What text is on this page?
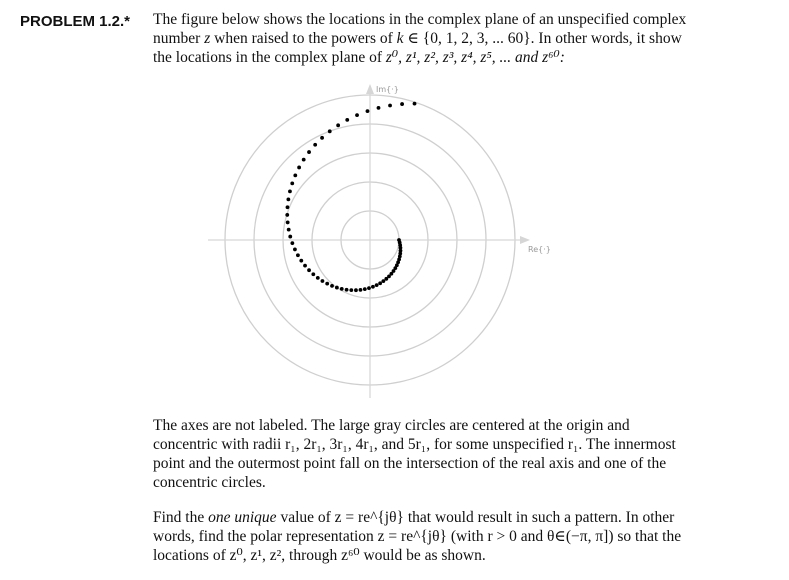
PROBLEM 1.2.* The figure below shows the locations in the complex plane of an unspecified complex
number z when raised to the powers of k ∈ {0, 1, 2, 3, ... 60}. In other words, it show
the locations in the complex plane of z⁰, z¹, z², z³, z⁴, z⁵, ... and z⁶⁰:
Im{·}
Re{·}
The axes are not labeled. The large gray circles are centered at the origin and
concentric with radii r₁, 2r₁, 3r₁, 4r₁, and 5r₁, for some unspecified r₁. The innermost
point and the outermost point fall on the intersection of the real axis and one of the
concentric circles.
Find the one unique value of z = re^{jθ} that would result in such a pattern. In other
words, find the polar representation z = re^{jθ} (with r > 0 and θ∈(−π, π]) so that the
locations of z⁰, z¹, z², through z⁶⁰ would be as shown.
